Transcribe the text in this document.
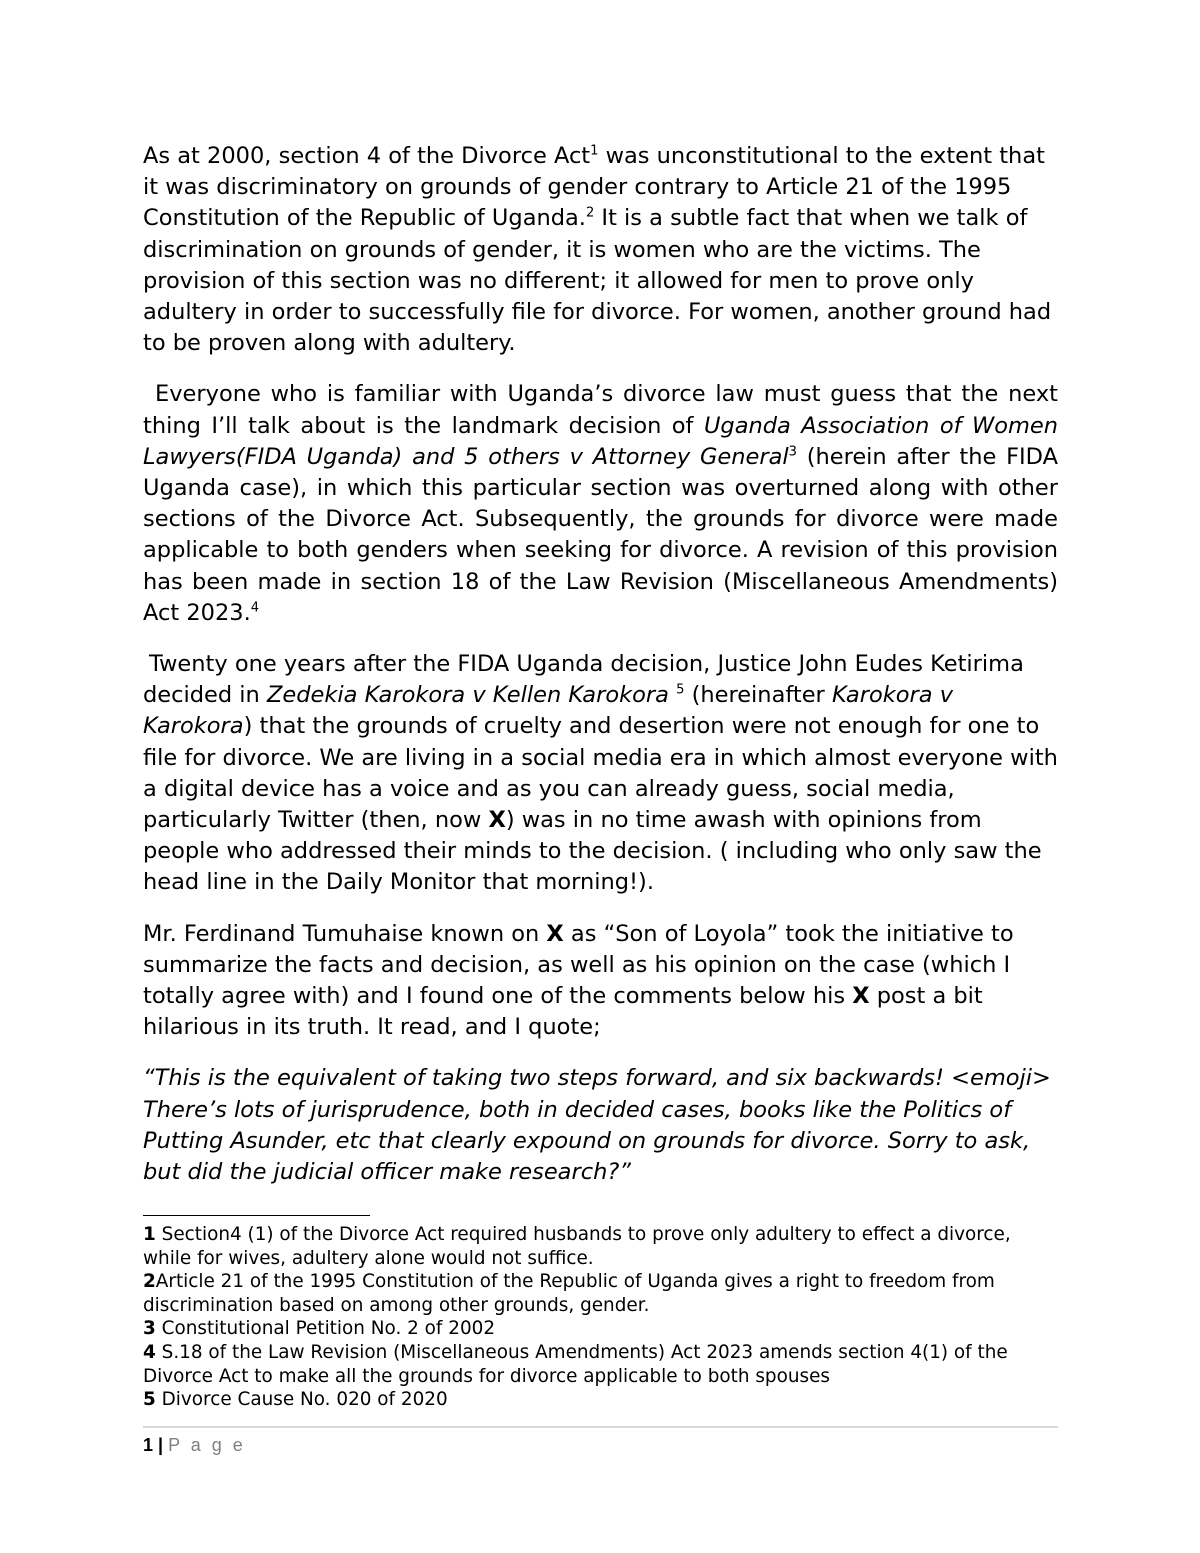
As at 2000, section 4 of the Divorce Act$^1$ was unconstitutional to the extent that it was discriminatory on grounds of gender contrary to Article 21 of the 1995 Constitution of the Republic of Uganda.$^2$ It is a subtle fact that when we talk of discrimination on grounds of gender, it is women who are the victims. The provision of this section was no different; it allowed for men to prove only adultery in order to successfully file for divorce. For women, another ground had to be proven along with adultery.

Everyone who is familiar with Uganda’s divorce law must guess that the next thing I’ll talk about is the landmark decision of Uganda Association of Women Lawyers(FIDA Uganda) and 5 others v Attorney General$^3$ (herein after the FIDA Uganda case), in which this particular section was overturned along with other sections of the Divorce Act. Subsequently, the grounds for divorce were made applicable to both genders when seeking for divorce. A revision of this provision has been made in section 18 of the Law Revision (Miscellaneous Amendments) Act 2023.$^4$

Twenty one years after the FIDA Uganda decision, Justice John Eudes Ketirima decided in Zedekia Karokora v Kellen Karokora $^5$ (hereinafter Karokora v Karokora) that the grounds of cruelty and desertion were not enough for one to file for divorce. We are living in a social media era in which almost everyone with a digital device has a voice and as you can already guess, social media, particularly Twitter (then, now X) was in no time awash with opinions from people who addressed their minds to the decision. ( including who only saw the head line in the Daily Monitor that morning!).

Mr. Ferdinand Tumuhaise known on X as “Son of Loyola” took the initiative to summarize the facts and decision, as well as his opinion on the case (which I totally agree with) and I found one of the comments below his X post a bit hilarious in its truth. It read, and I quote;

“This is the equivalent of taking two steps forward, and six backwards! <emoji> There’s lots of jurisprudence, both in decided cases, books like the Politics of Putting Asunder, etc that clearly expound on grounds for divorce. Sorry to ask, but did the judicial officer make research?”

1 Section4 (1) of the Divorce Act required husbands to prove only adultery to effect a divorce, while for wives, adultery alone would not suffice.

2Article 21 of the 1995 Constitution of the Republic of Uganda gives a right to freedom from discrimination based on among other grounds, gender.

3 Constitutional Petition No. 2 of 2002

4 S.18 of the Law Revision (Miscellaneous Amendments) Act 2023 amends section 4(1) of the Divorce Act to make all the grounds for divorce applicable to both spouses

5 Divorce Cause No. 020 of 2020

1 | P a g e
